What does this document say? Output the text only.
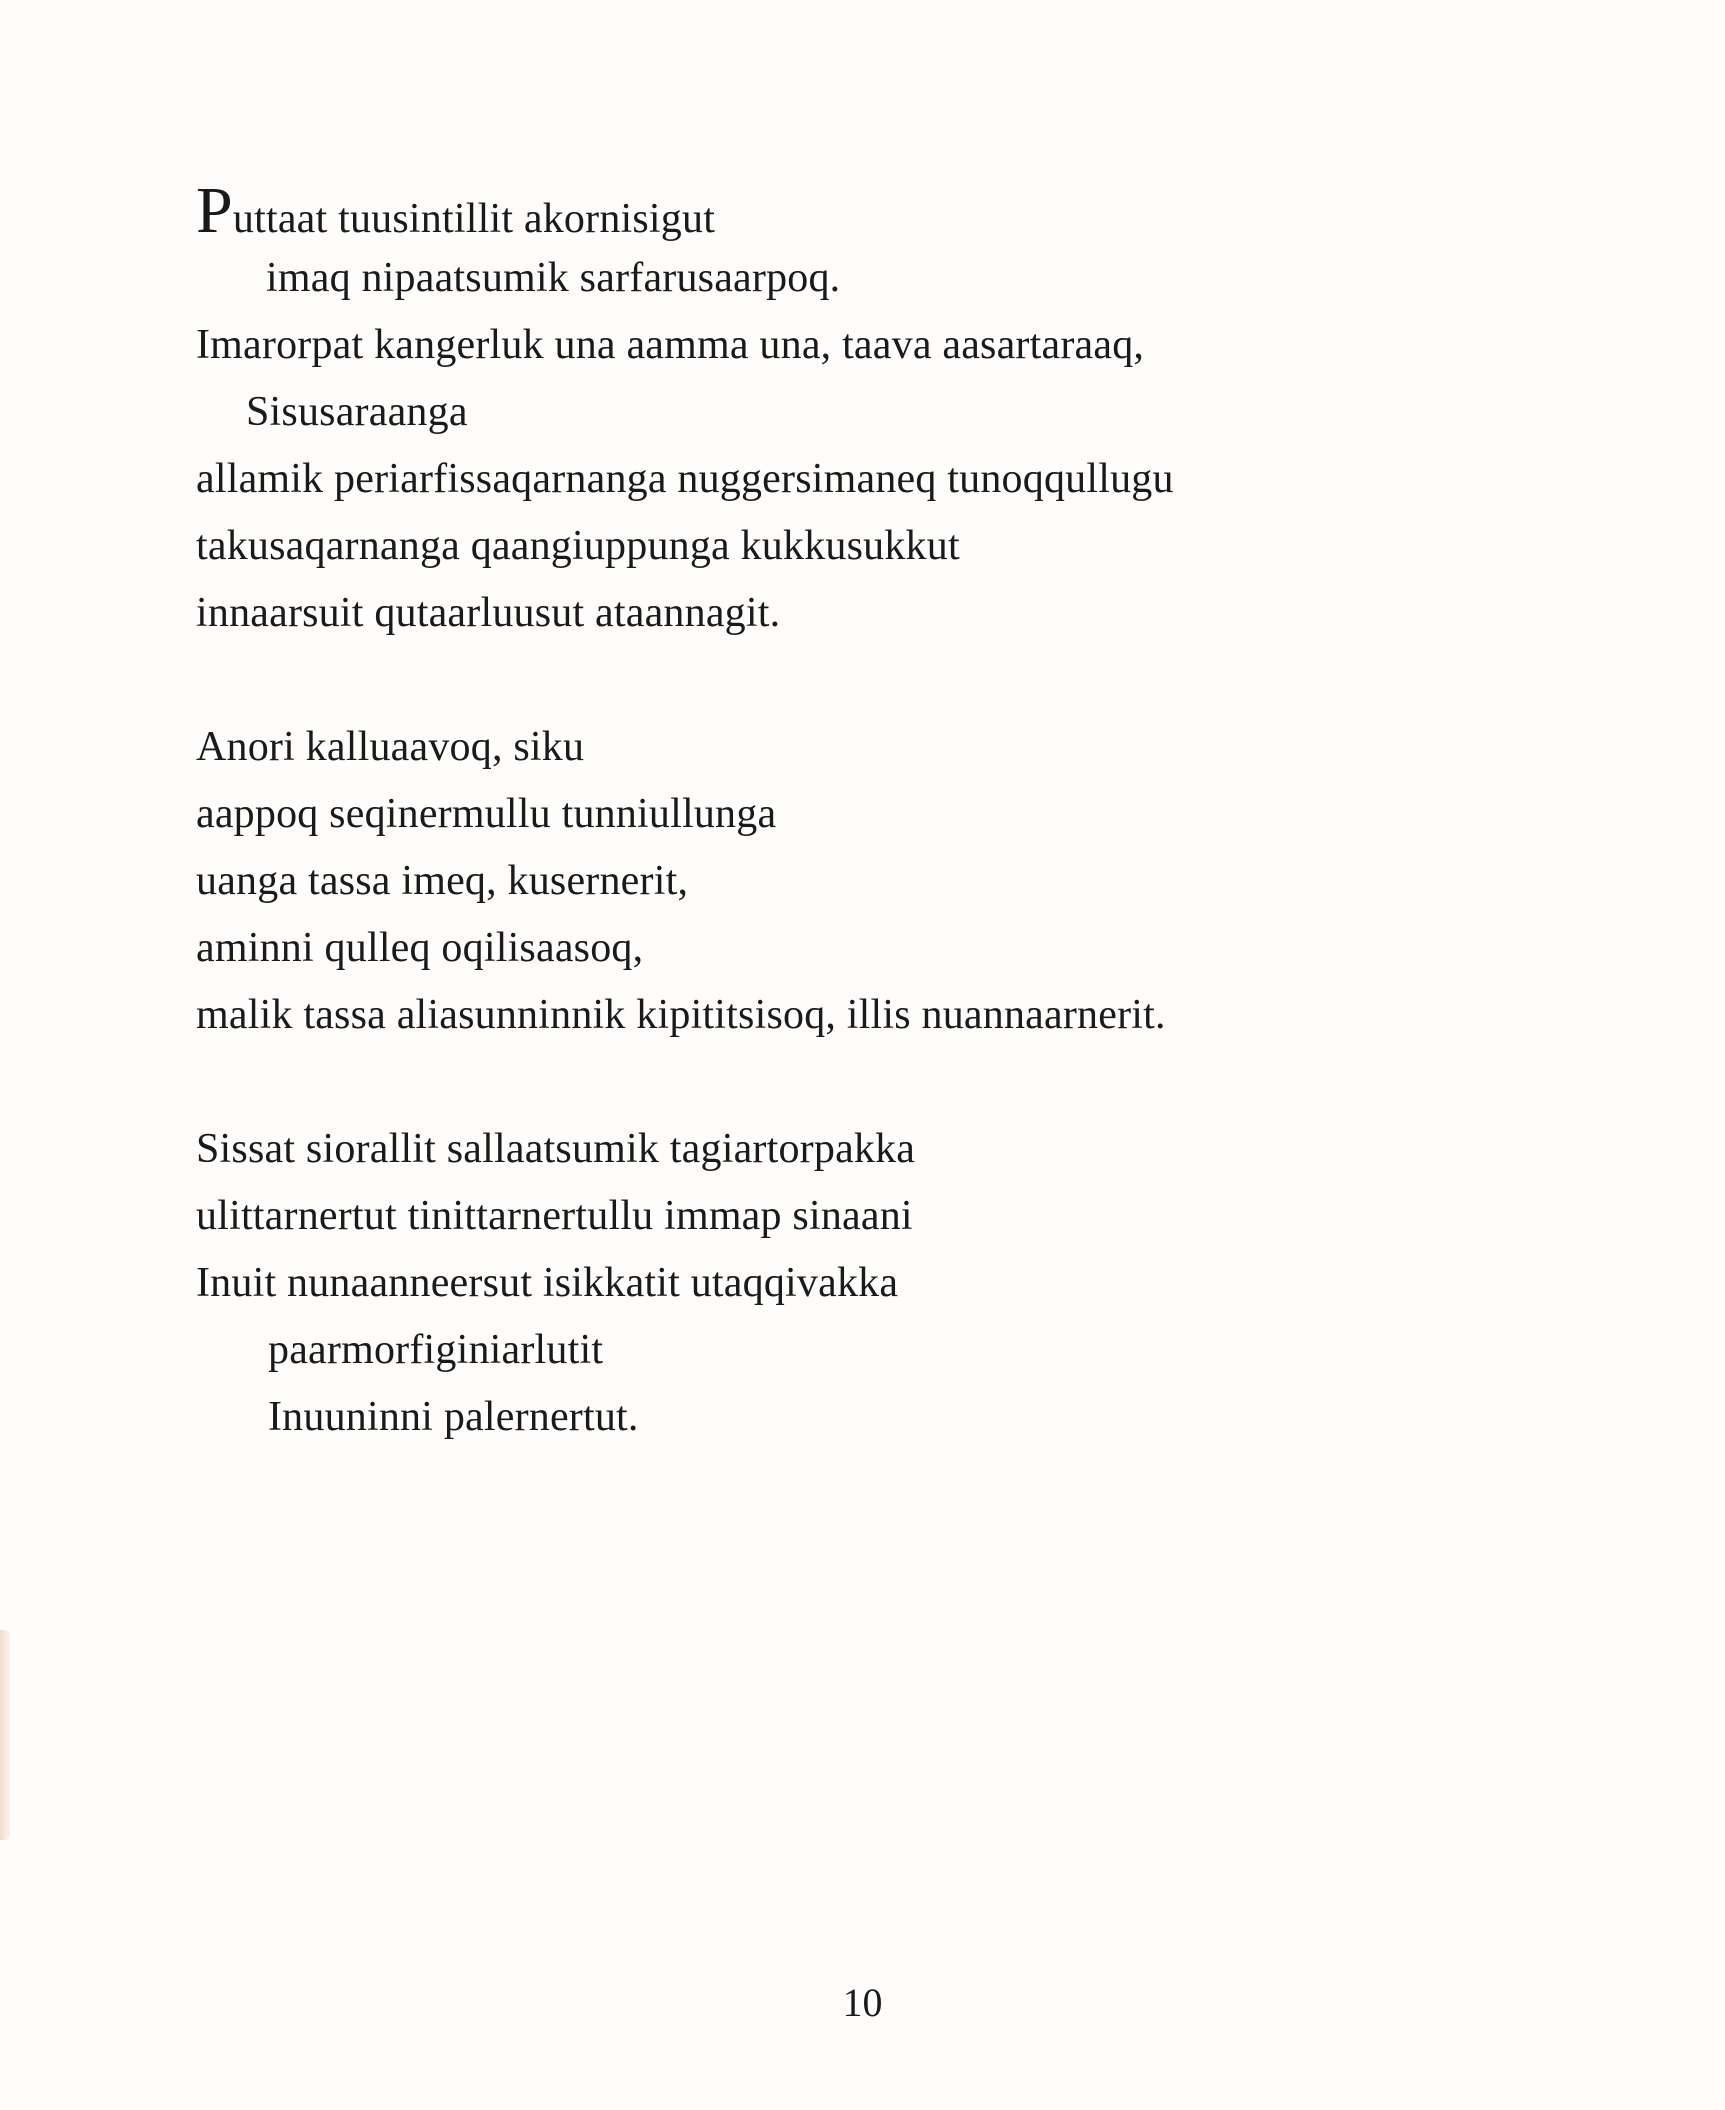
Puttaat tuusintillit akornisigut
imaq nipaatsumik sarfarusaarpoq.
Imarorpat kangerluk una aamma una, taava aasartaraaq,
Sisusaraanga
allamik periarfissaqarnanga nuggersimaneq tunoqqullugu
takusaqarnanga qaangiuppunga kukkusukkut
innaarsuit qutaarluusut ataannagit.
Anori kalluaavoq, siku
aappoq seqinermullu tunniullunga
uanga tassa imeq, kusernerit,
aminni qulleq oqilisaasoq,
malik tassa aliasunninnik kipititsisoq, illis nuannaarnerit.
Sissat siorallit sallaatsumik tagiartorpakka
ulittarnertut tinittarnertullu immap sinaani
Inuit nunaanneersut isikkatit utaqqivakka
paarmorfiginiarlutit
Inuuninni palernertut.
10
